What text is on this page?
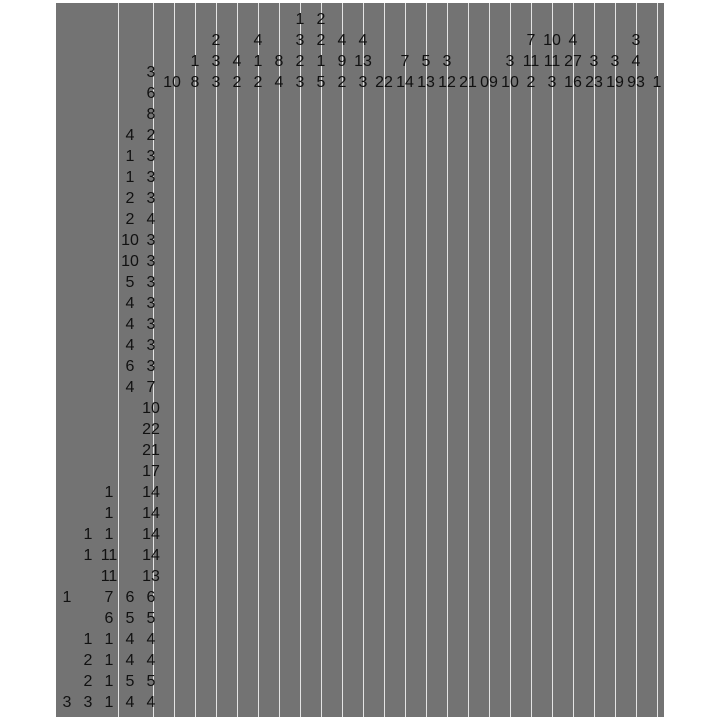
10
1
8
2
3
3
4
2
4
1
2
8
4
1
3
2
3
2
2
1
5
4
9
2
4
13
3 22
7
14
5
13
3
12 21 09
3
10
7
11
2
10
11
3
4
27
16
3
23
3
19
3
4
93 1
1
3
1
1
1
2
2
3
1
1
1
11
11
7
6
1
1
1
1
4
1
1
2
2
10
10
5
4
4
4
6
4
6
5
4
4
5
4
3
6
8
2
3
3
3
4
3
3
3
3
3
3
3
7
10
22
21
17
14
14
14
14
13
6
5
4
4
5
4
